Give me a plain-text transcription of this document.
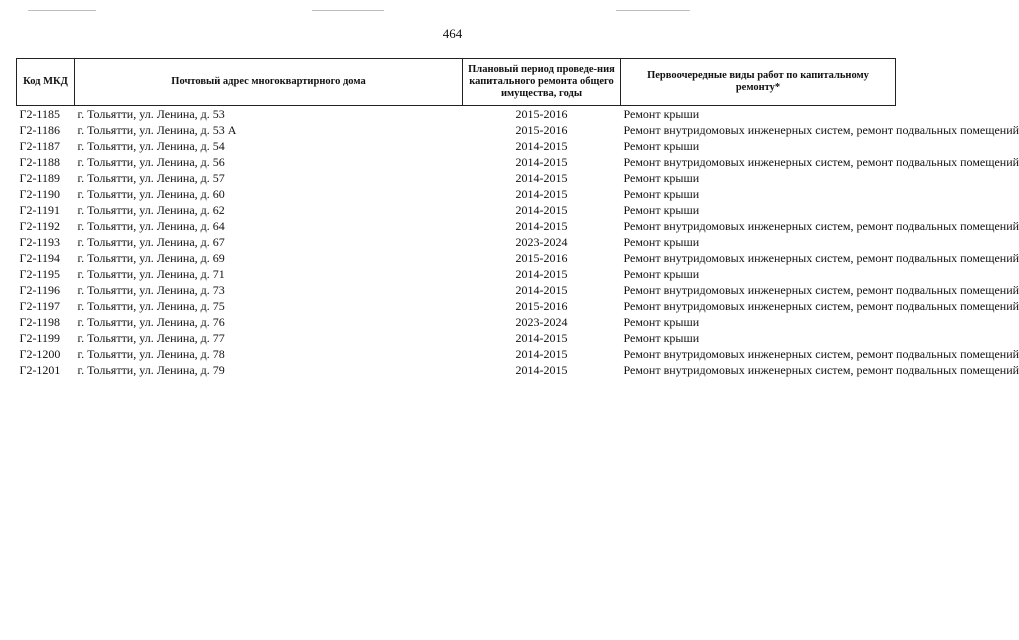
464
Код МКД	Почтовый адрес многоквартирного дома	Плановый период проведе-ния капитального ремонта общего имущества, годы	Первоочередные виды работ по капитальному ремонту*
Г2-1185	г. Тольятти, ул. Ленина, д. 53	2015-2016	Ремонт крыши
Г2-1186	г. Тольятти, ул. Ленина, д. 53 А	2015-2016	Ремонт внутридомовых инженерных систем, ремонт подвальных помещений
Г2-1187	г. Тольятти, ул. Ленина, д. 54	2014-2015	Ремонт крыши
Г2-1188	г. Тольятти, ул. Ленина, д. 56	2014-2015	Ремонт внутридомовых инженерных систем, ремонт подвальных помещений
Г2-1189	г. Тольятти, ул. Ленина, д. 57	2014-2015	Ремонт крыши
Г2-1190	г. Тольятти, ул. Ленина, д. 60	2014-2015	Ремонт крыши
Г2-1191	г. Тольятти, ул. Ленина, д. 62	2014-2015	Ремонт крыши
Г2-1192	г. Тольятти, ул. Ленина, д. 64	2014-2015	Ремонт внутридомовых инженерных систем, ремонт подвальных помещений
Г2-1193	г. Тольятти, ул. Ленина, д. 67	2023-2024	Ремонт крыши
Г2-1194	г. Тольятти, ул. Ленина, д. 69	2015-2016	Ремонт внутридомовых инженерных систем, ремонт подвальных помещений
Г2-1195	г. Тольятти, ул. Ленина, д. 71	2014-2015	Ремонт крыши
Г2-1196	г. Тольятти, ул. Ленина, д. 73	2014-2015	Ремонт внутридомовых инженерных систем, ремонт подвальных помещений
Г2-1197	г. Тольятти, ул. Ленина, д. 75	2015-2016	Ремонт внутридомовых инженерных систем, ремонт подвальных помещений
Г2-1198	г. Тольятти, ул. Ленина, д. 76	2023-2024	Ремонт крыши
Г2-1199	г. Тольятти, ул. Ленина, д. 77	2014-2015	Ремонт крыши
Г2-1200	г. Тольятти, ул. Ленина, д. 78	2014-2015	Ремонт внутридомовых инженерных систем, ремонт подвальных помещений
Г2-1201	г. Тольятти, ул. Ленина, д. 79	2014-2015	Ремонт внутридомовых инженерных систем, ремонт подвальных помещений
